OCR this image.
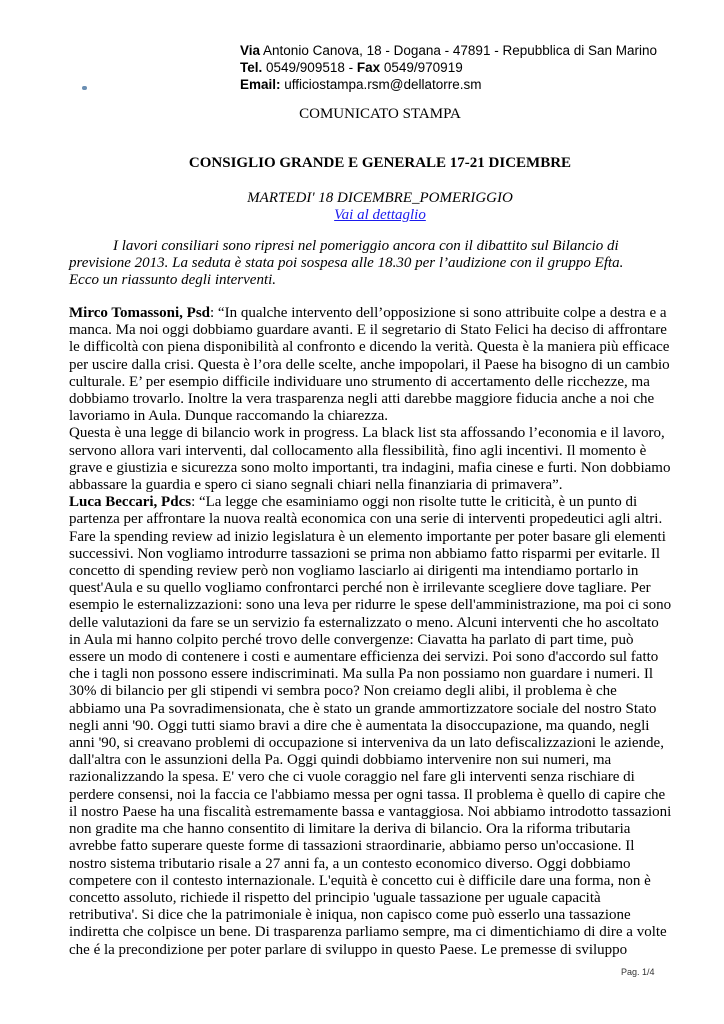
Via Antonio Canova, 18 - Dogana - 47891 - Repubblica di San Marino
Tel. 0549/909518 - Fax 0549/970919
Email: ufficiostampa.rsm@dellatorre.sm
COMUNICATO STAMPA
CONSIGLIO GRANDE E GENERALE 17-21 DICEMBRE
MARTEDI' 18 DICEMBRE_POMERIGGIO
Vai al dettaglio
I lavori consiliari sono ripresi nel pomeriggio ancora con il dibattito sul Bilancio di
previsione 2013. La seduta è stata poi sospesa alle 18.30 per l’audizione con il gruppo Efta.
Ecco un riassunto degli interventi.
Mirco Tomassoni, Psd: “In qualche intervento dell’opposizione si sono attribuite colpe a destra e a
manca. Ma noi oggi dobbiamo guardare avanti. E il segretario di Stato Felici ha deciso di affrontare
le difficoltà con piena disponibilità al confronto e dicendo la verità. Questa è la maniera più efficace
per uscire dalla crisi. Questa è l’ora delle scelte, anche impopolari, il Paese ha bisogno di un cambio
culturale. E’ per esempio difficile individuare uno strumento di accertamento delle ricchezze, ma
dobbiamo trovarlo. Inoltre la vera trasparenza negli atti darebbe maggiore fiducia anche a noi che
lavoriamo in Aula. Dunque raccomando la chiarezza.
Questa è una legge di bilancio work in progress. La black list sta affossando l’economia e il lavoro,
servono allora vari interventi, dal collocamento alla flessibilità, fino agli incentivi. Il momento è
grave e giustizia e sicurezza sono molto importanti, tra indagini, mafia cinese e furti. Non dobbiamo
abbassare la guardia e spero ci siano segnali chiari nella finanziaria di primavera”.
Luca Beccari, Pdcs: “La legge che esaminiamo oggi non risolte tutte le criticità, è un punto di
partenza per affrontare la nuova realtà economica con una serie di interventi propedeutici agli altri.
Fare la spending review ad inizio legislatura è un elemento importante per poter basare gli elementi
successivi. Non vogliamo introdurre tassazioni se prima non abbiamo fatto risparmi per evitarle. Il
concetto di spending review però non vogliamo lasciarlo ai dirigenti ma intendiamo portarlo in
quest'Aula e su quello vogliamo confrontarci perché non è irrilevante scegliere dove tagliare. Per
esempio le esternalizzazioni: sono una leva per ridurre le spese dell'amministrazione, ma poi ci sono
delle valutazioni da fare se un servizio fa esternalizzato o meno. Alcuni interventi che ho ascoltato
in Aula mi hanno colpito perché trovo delle convergenze: Ciavatta ha parlato di part time, può
essere un modo di contenere i costi e aumentare efficienza dei servizi. Poi sono d'accordo sul fatto
che i tagli non possono essere indiscriminati. Ma sulla Pa non possiamo non guardare i numeri. Il
30% di bilancio per gli stipendi vi sembra poco? Non creiamo degli alibi, il problema è che
abbiamo una Pa sovradimensionata, che è stato un grande ammortizzatore sociale del nostro Stato
negli anni '90. Oggi tutti siamo bravi a dire che è aumentata la disoccupazione, ma quando, negli
anni '90, si creavano problemi di occupazione si interveniva da un lato defiscalizzazioni le aziende,
dall'altra con le assunzioni della Pa. Oggi quindi dobbiamo intervenire non sui numeri, ma
razionalizzando la spesa. E' vero che ci vuole coraggio nel fare gli interventi senza rischiare di
perdere consensi, noi la faccia ce l'abbiamo messa per ogni tassa. Il problema è quello di capire che
il nostro Paese ha una fiscalità estremamente bassa e vantaggiosa. Noi abbiamo introdotto tassazioni
non gradite ma che hanno consentito di limitare la deriva di bilancio. Ora la riforma tributaria
avrebbe fatto superare queste forme di tassazioni straordinarie, abbiamo perso un'occasione. Il
nostro sistema tributario risale a 27 anni fa, a un contesto economico diverso. Oggi dobbiamo
competere con il contesto internazionale. L'equità è concetto cui è difficile dare una forma, non è
concetto assoluto, richiede il rispetto del principio 'uguale tassazione per uguale capacità
retributiva'. Si dice che la patrimoniale è iniqua, non capisco come può esserlo una tassazione
indiretta che colpisce un bene. Di trasparenza parliamo sempre, ma ci dimentichiamo di dire a volte
che é la precondizione per poter parlare di sviluppo in questo Paese. Le premesse di sviluppo
Pag. 1/4
